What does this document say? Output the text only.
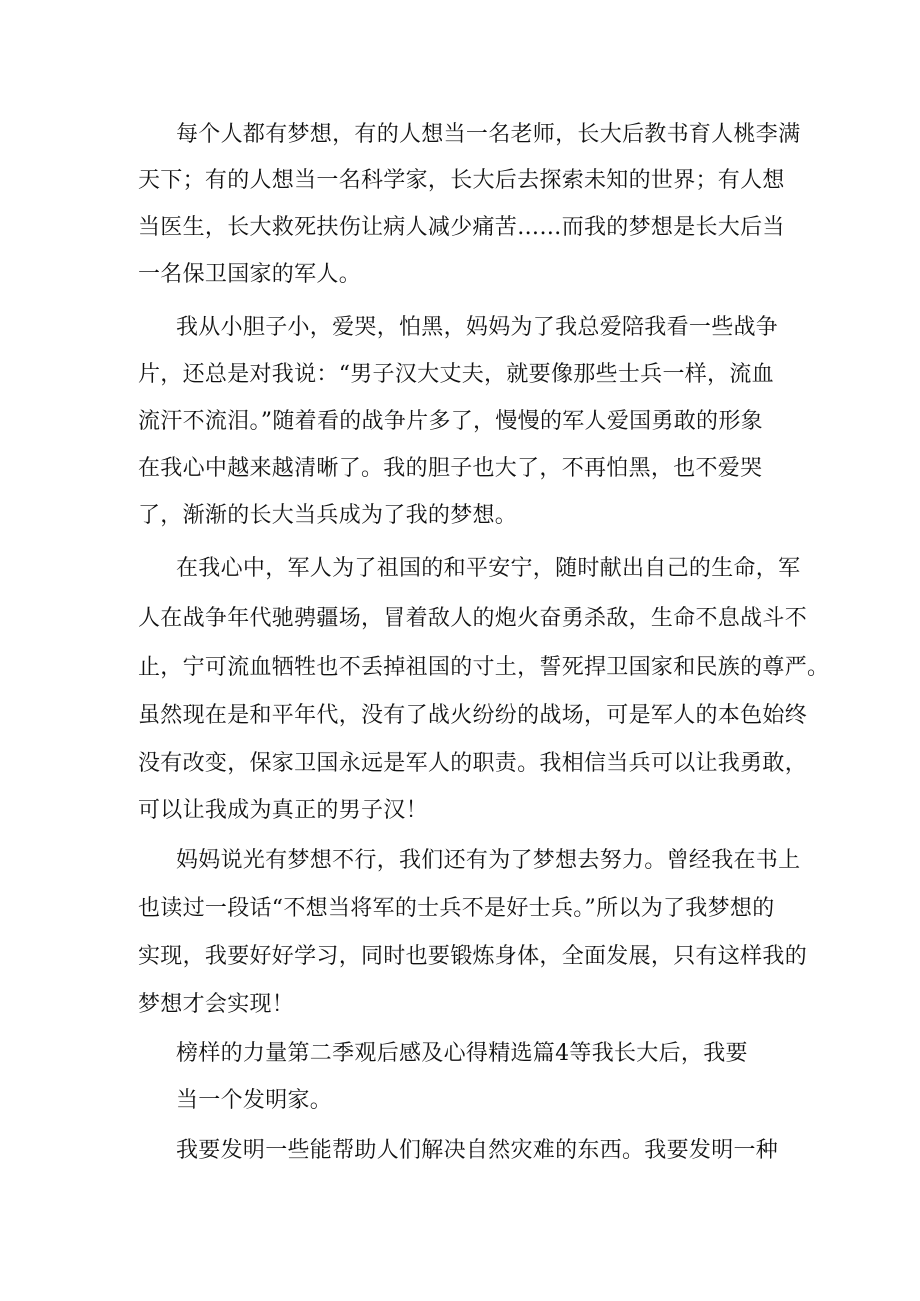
每个人都有梦想，有的人想当一名老师，长大后教书育人桃李满
天下；有的人想当一名科学家，长大后去探索未知的世界；有人想
当医生，长大救死扶伤让病人减少痛苦……而我的梦想是长大后当
一名保卫国家的军人。
我从小胆子小，爱哭，怕黑，妈妈为了我总爱陪我看一些战争
片，还总是对我说：“男子汉大丈夫，就要像那些士兵一样，流血
流汗不流泪。”随着看的战争片多了，慢慢的军人爱国勇敢的形象
在我心中越来越清晰了。我的胆子也大了，不再怕黑，也不爱哭
了，渐渐的长大当兵成为了我的梦想。
在我心中，军人为了祖国的和平安宁，随时献出自己的生命，军
人在战争年代驰骋疆场，冒着敌人的炮火奋勇杀敌，生命不息战斗不
止，宁可流血牺牲也不丢掉祖国的寸土，誓死捍卫国家和民族的尊严。
虽然现在是和平年代，没有了战火纷纷的战场，可是军人的本色始终
没有改变，保家卫国永远是军人的职责。我相信当兵可以让我勇敢，
可以让我成为真正的男子汉！
妈妈说光有梦想不行，我们还有为了梦想去努力。曾经我在书上
也读过一段话“不想当将军的士兵不是好士兵。”所以为了我梦想的
实现，我要好好学习，同时也要锻炼身体，全面发展，只有这样我的
梦想才会实现！
榜样的力量第二季观后感及心得精选篇4等我长大后，我要
当一个发明家。
我要发明一些能帮助人们解决自然灾难的东西。我要发明一种
